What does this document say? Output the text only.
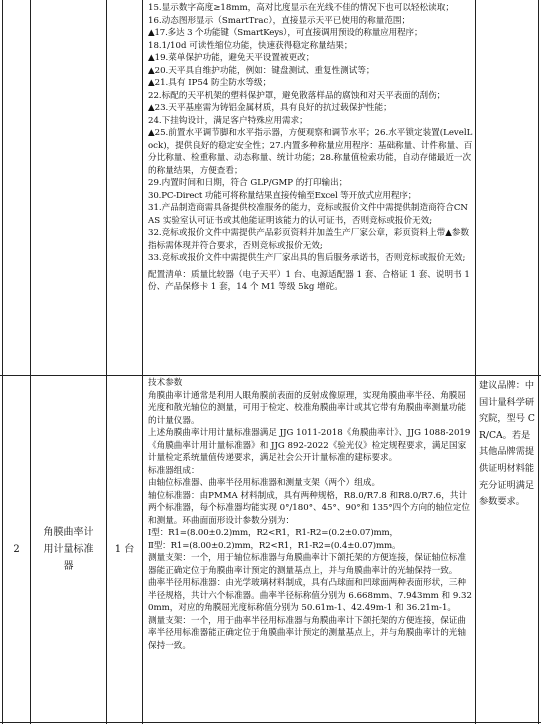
15.显示数字高度≥18mm，高对比度显示在光线不佳的情况下也可以轻松读取；
16.动态图形显示（SmartTrac），直接显示天平已使用的称量范围；
▲17.多达 3 个功能键（SmartKeys），可直接调用预设的称量应用程序；
18.1/10d 可读性缩位功能，快速获得稳定称量结果；
▲19.菜单保护功能，避免天平设置被更改；
▲20.天平具自维护功能，例如：键盘测试、重复性测试等；
▲21.具有 IP54 防尘防水等级；
22.标配的天平机架的塑料保护罩，避免散落样品的腐蚀和对天平表面的刮伤；
▲23.天平基座需为铸铝金属材质，具有良好的抗过载保护性能；
24.下挂钩设计，满足客户特殊应用需求；
▲25.前置水平调节脚和水平指示器，方便观察和调节水平；26.水平锁定装置(LevelLock)，提供良好的稳定安全性；27.内置多种称量应用程序：基础称量、计件称量、百分比称量、检重称量、动态称量、统计功能；28.称量值检索功能，自动存储最近一次的称量结果，方便查看；
29.内置时间和日期，符合 GLP/GMP 的打印输出；
30.PC-Direct 功能可将称量结果直接传输至Excel 等开放式应用程序；
31.产品制造商需具备提供校准服务的能力，竞标或报价文件中需提供制造商符合CNAS 实验室认可证书或其他能证明该能力的认可证书，否则竞标或报价无效;
32.竞标或报价文件中需提供产品彩页资料并加盖生产厂家公章，彩页资料上带▲参数指标需体现并符合要求，否则竞标或报价无效;
33.竞标或报价文件中需提供生产厂家出具的售后服务承诺书，否则竞标或报价无效;
配置清单：质量比较器（电子天平）1 台、电源适配器 1 套、合格证 1 套、说明书 1 份、产品保修卡 1 套，14 个 M1 等级 5kg 增砣。
2
角膜曲率计用计量标准器
1 台
技术参数
角膜曲率计通常是利用人眼角膜前表面的反射成像原理，实现角膜曲率半径、角膜屈光度和散光轴位的测量，可用于检定、校准角膜曲率计或其它带有角膜曲率测量功能的计量仪器。
上述角膜曲率计用计量标准器满足 JJG 1011-2018《角膜曲率计》、JJG 1088-2019《角膜曲率计用计量标准器》和 JJG 892-2022《验光仪》检定规程要求，满足国家计量检定系统量值传递要求，满足社会公开计量标准的建标要求。
标准器组成：
由轴位标准器、曲率半径用标准器和测量支架（两个）组成。
轴位标准器：由PMMA 材料制成，具有两种规格，R8.0/R7.8 和R8.0/R7.6，共计两个标准器，每个标准器均能实现 0°/180°、45°、90°和 135°四个方向的轴位定位和测量。环曲面面形设计参数分别为：
Ⅰ型：R1=(8.00±0.2)mm，R2<R1，R1-R2=(0.2±0.07)mm，
Ⅱ型：R1=(8.00±0.2)mm，R2<R1，R1-R2=(0.4±0.07)mm。
测量支架：一个，用于轴位标准器与角膜曲率计下颌托架的方便连接，保证轴位标准器能正确定位于角膜曲率计预定的测量基点上，并与角膜曲率计的光轴保持一致。
曲率半径用标准器：由光学玻璃材料制成，具有凸球面和凹球面两种表面形状，三种半径规格，共计六个标准器。曲率半径标称值分别为 6.668mm、7.943mm 和 9.320mm，对应的角膜屈光度标称值分别为 50.61m-1、42.49m-1 和 36.21m-1。
测量支架：一个，用于曲率半径用标准器与角膜曲率计下颌托架的方便连接，保证曲率半径用标准器能正确定位于角膜曲率计预定的测量基点上，并与角膜曲率计的光轴保持一致。
建议品牌：中国计量科学研究院，型号 CR/CA。若是其他品牌需提供证明材料能充分证明满足参数要求。
